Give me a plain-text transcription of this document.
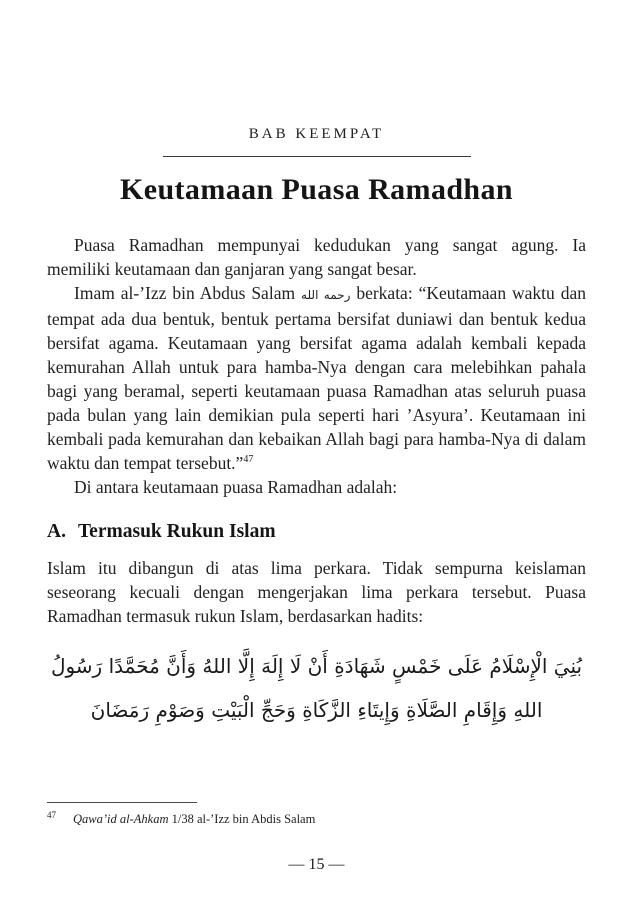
BAB KEEMPAT
Keutamaan Puasa Ramadhan

Puasa Ramadhan mempunyai kedudukan yang sangat agung. Ia memiliki keutamaan dan ganjaran yang sangat besar.

Imam al-’Izz bin Abdus Salam رحمه الله berkata: “Keutamaan waktu dan tempat ada dua bentuk, bentuk pertama bersifat duniawi dan bentuk kedua bersifat agama. Keutamaan yang bersifat agama adalah kembali kepada kemurahan Allah untuk para hamba-Nya dengan cara melebihkan pahala bagi yang beramal, seperti keutamaan puasa Ramadhan atas seluruh puasa pada bulan yang lain demikian pula seperti hari ’Asyura’. Keutamaan ini kembali pada kemurahan dan kebaikan Allah bagi para hamba-Nya di dalam waktu dan tempat tersebut.”$^{47}$

Di antara keutamaan puasa Ramadhan adalah:

A. Termasuk Rukun Islam

Islam itu dibangun di atas lima perkara. Tidak sempurna keislaman seseorang kecuali dengan mengerjakan lima perkara tersebut. Puasa Ramadhan termasuk rukun Islam, berdasarkan hadits:

بُنِيَ الْإِسْلَامُ عَلَى خَمْسٍ شَهَادَةِ أَنْ لَا إِلَهَ إِلَّا اللهُ وَأَنَّ مُحَمَّدًا رَسُولُ اللهِ وَإِقَامِ الصَّلَاةِ وَإِيتَاءِ الزَّكَاةِ وَحَجِّ الْبَيْتِ وَصَوْمِ رَمَضَانَ

$^{47}$ Qawa’id al-Ahkam 1/38 al-’Izz bin Abdis Salam

— 15 —
